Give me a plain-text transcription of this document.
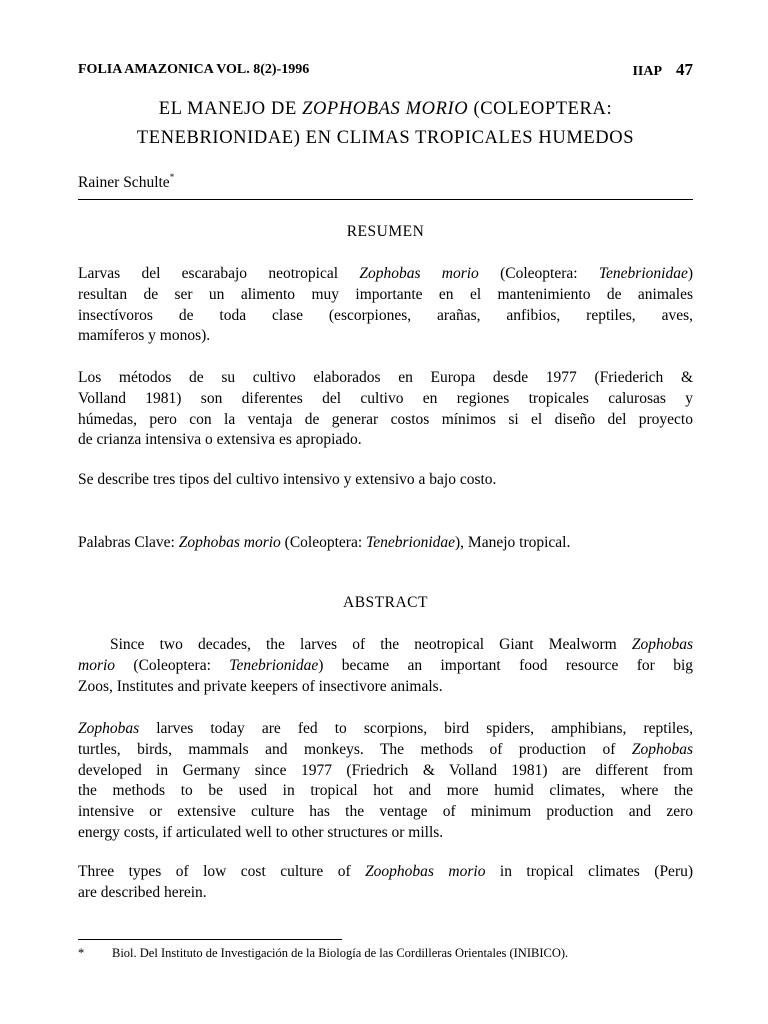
FOLIA AMAZONICA VOL. 8(2)-1996	IIAP 47
EL MANEJO DE ZOPHOBAS MORIO (COLEOPTERA:
TENEBRIONIDAE) EN CLIMAS TROPICALES HUMEDOS
Rainer Schulte*
RESUMEN
Larvas del escarabajo neotropical Zophobas morio (Coleoptera: Tenebrionidae)
resultan de ser un alimento muy importante en el mantenimiento de animales
insectívoros de toda clase (escorpiones, arañas, anfibios, reptiles, aves,
mamíferos y monos).
Los métodos de su cultivo elaborados en Europa desde 1977 (Friederich &
Volland 1981) son diferentes del cultivo en regiones tropicales calurosas y
húmedas, pero con la ventaja de generar costos mínimos si el diseño del proyecto
de crianza intensiva o extensiva es apropiado.
Se describe tres tipos del cultivo intensivo y extensivo a bajo costo.
Palabras Clave: Zophobas morio (Coleoptera: Tenebrionidae), Manejo tropical.
ABSTRACT
Since two decades, the larves of the neotropical Giant Mealworm Zophobas
morio (Coleoptera: Tenebrionidae) became an important food resource for big
Zoos, Institutes and private keepers of insectivore animals.
Zophobas larves today are fed to scorpions, bird spiders, amphibians, reptiles,
turtles, birds, mammals and monkeys. The methods of production of Zophobas
developed in Germany since 1977 (Friedrich & Volland 1981) are different from
the methods to be used in tropical hot and more humid climates, where the
intensive or extensive culture has the ventage of minimum production and zero
energy costs, if articulated well to other structures or mills.
Three types of low cost culture of Zoophobas morio in tropical climates (Peru)
are described herein.
* Biol. Del Instituto de Investigación de la Biología de las Cordilleras Orientales (INIBICO).
